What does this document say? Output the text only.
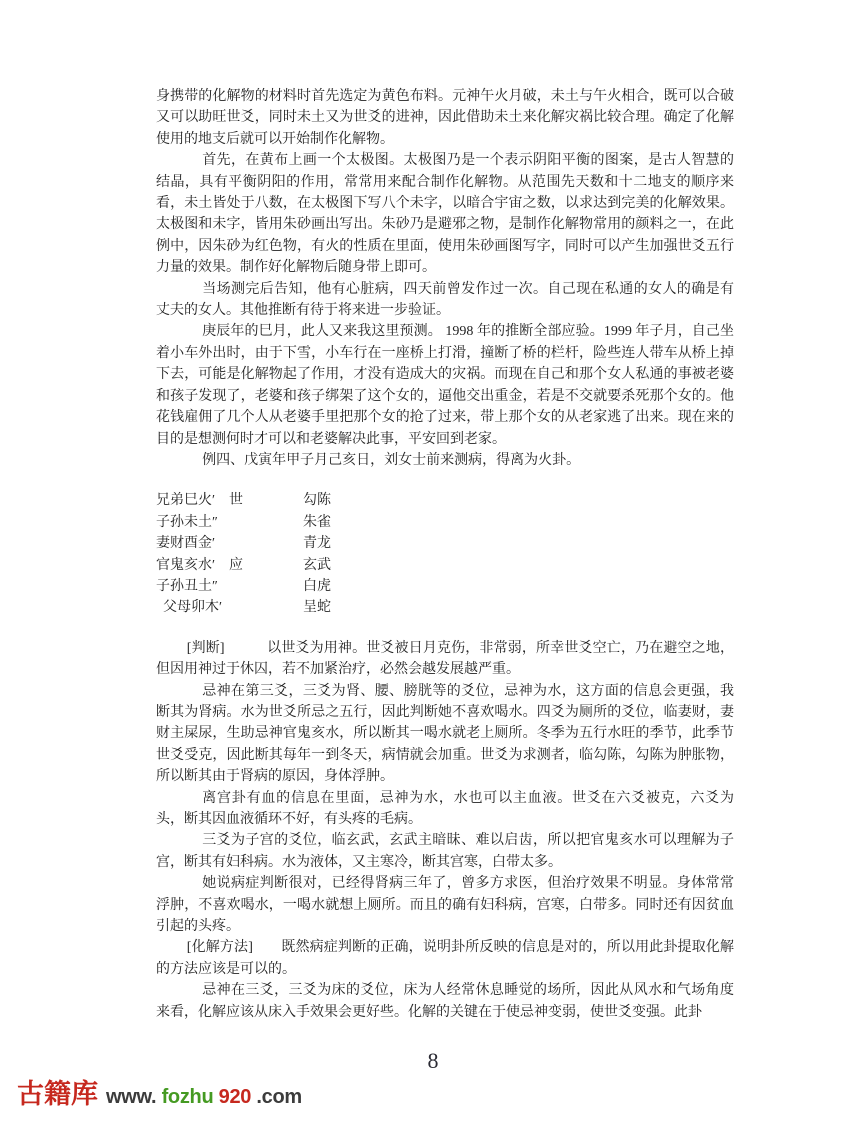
身携带的化解物的材料时首先选定为黄色布料。元神午火月破，未土与午火相合，既可以合破又可以助旺世爻，同时未土又为世爻的进神，因此借助未土来化解灾祸比较合理。确定了化解使用的地支后就可以开始制作化解物。

首先，在黄布上画一个太极图。太极图乃是一个表示阴阳平衡的图案，是古人智慧的结晶，具有平衡阴阳的作用，常常用来配合制作化解物。从范围先天数和十二地支的顺序来看，未土皆处于八数，在太极图下写八个未字，以暗合宇宙之数，以求达到完美的化解效果。太极图和未字，皆用朱砂画出写出。朱砂乃是避邪之物，是制作化解物常用的颜料之一，在此例中，因朱砂为红色物，有火的性质在里面，使用朱砂画图写字，同时可以产生加强世爻五行力量的效果。制作好化解物后随身带上即可。

当场测完后告知，他有心脏病，四天前曾发作过一次。自己现在私通的女人的确是有丈夫的女人。其他推断有待于将来进一步验证。

庚辰年的巳月，此人又来我这里预测。 1998 年的推断全部应验。1999 年子月，自己坐着小车外出时，由于下雪，小车行在一座桥上打滑，撞断了桥的栏杆，险些连人带车从桥上掉下去，可能是化解物起了作用，才没有造成大的灾祸。而现在自己和那个女人私通的事被老婆和孩子发现了，老婆和孩子绑架了这个女的，逼他交出重金，若是不交就要杀死那个女的。他花钱雇佣了几个人从老婆手里把那个女的抢了过来，带上那个女的从老家逃了出来。现在来的目的是想测何时才可以和老婆解决此事，平安回到老家。

例四、戊寅年甲子月己亥日，刘女士前来测病，得离为火卦。

兄弟巳火′　世	勾陈
子孙未土″	朱雀
妻财酉金′	青龙
官鬼亥水′　应	玄武
子孙丑土″	白虎
父母卯木′	呈蛇

[判断]　　　以世爻为用神。世爻被日月克伤，非常弱，所幸世爻空亡，乃在避空之地，但因用神过于休囚，若不加紧治疗，必然会越发展越严重。

忌神在第三爻，三爻为肾、腰、膀胱等的爻位，忌神为水，这方面的信息会更强，我断其为肾病。水为世爻所忌之五行，因此判断她不喜欢喝水。四爻为厕所的爻位，临妻财，妻财主屎尿，生助忌神官鬼亥水，所以断其一喝水就老上厕所。冬季为五行水旺的季节，此季节世爻受克，因此断其每年一到冬天，病情就会加重。世爻为求测者，临勾陈，勾陈为肿胀物，所以断其由于肾病的原因，身体浮肿。

离宫卦有血的信息在里面，忌神为水，水也可以主血液。世爻在六爻被克，六爻为头，断其因血液循环不好，有头疼的毛病。

三爻为子宫的爻位，临玄武，玄武主暗昧、难以启齿，所以把官鬼亥水可以理解为子宫，断其有妇科病。水为液体，又主寒冷，断其宫寒，白带太多。

她说病症判断很对，已经得肾病三年了，曾多方求医，但治疗效果不明显。身体常常浮肿，不喜欢喝水，一喝水就想上厕所。而且的确有妇科病，宫寒，白带多。同时还有因贫血引起的头疼。

[化解方法]　　既然病症判断的正确，说明卦所反映的信息是对的，所以用此卦提取化解的方法应该是可以的。

忌神在三爻，三爻为床的爻位，床为人经常休息睡觉的场所，因此从风水和气场角度来看，化解应该从床入手效果会更好些。化解的关键在于使忌神变弱，使世爻变强。此卦

8
古籍库 www. fozhu 920 .com
